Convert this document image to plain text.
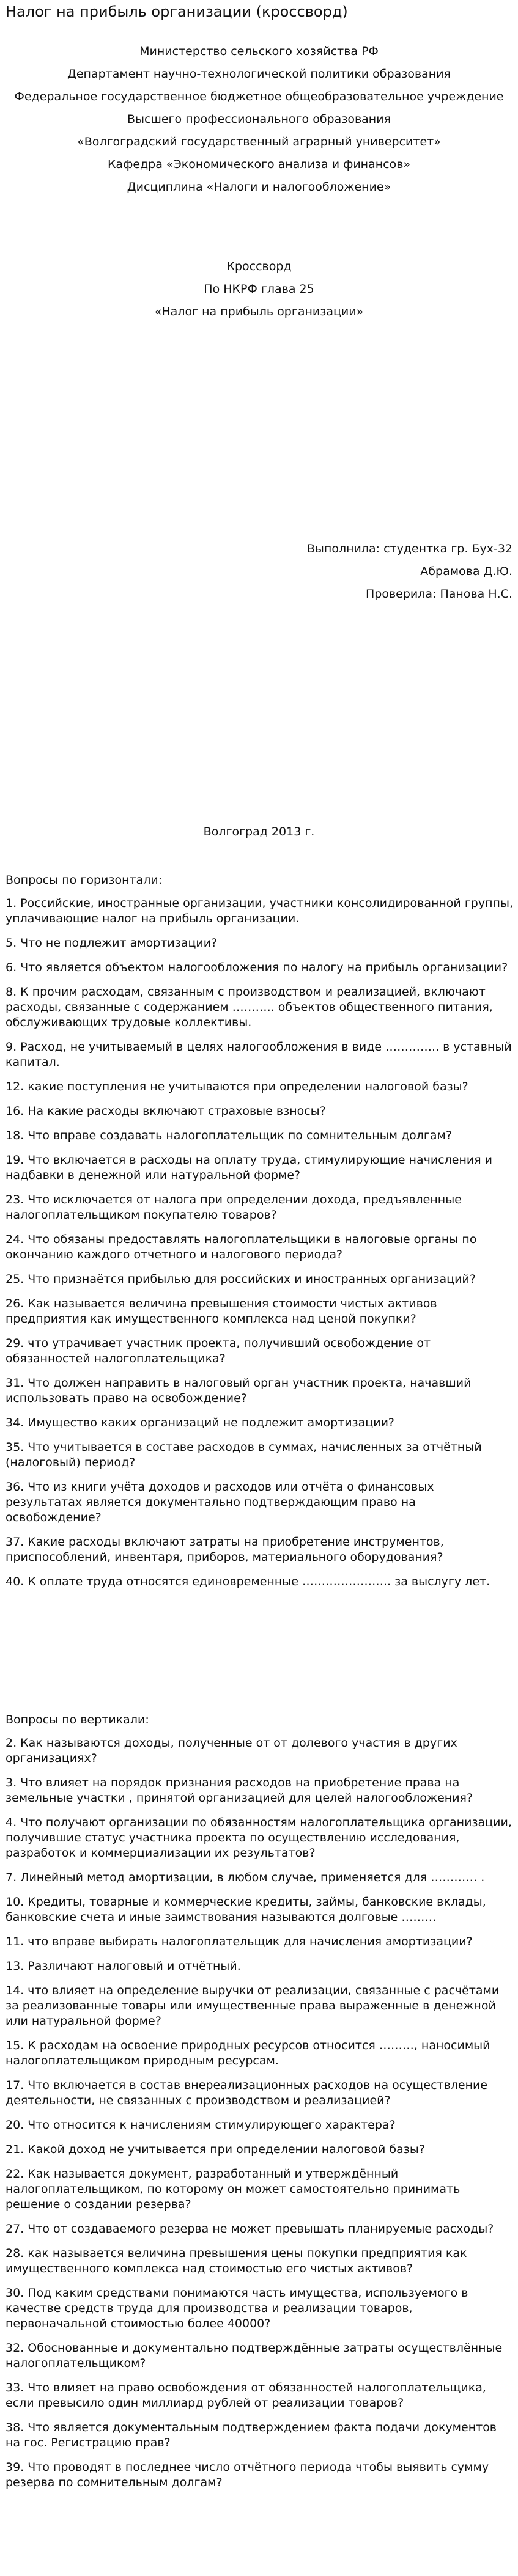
Налог на прибыль организации (кроссворд)
Министерство сельского хозяйства РФ
Департамент научно-технологической политики образования
Федеральное государственное бюджетное общеобразовательное учреждение
Высшего профессионального образования
«Волгоградский государственный аграрный университет»
Кафедра «Экономического анализа и финансов»
Дисциплина «Налоги и налогообложение»
Кроссворд
По НКРФ глава 25
«Налог на прибыль организации»
Выполнила: студентка гр. Бух-32
Абрамова Д.Ю.
Проверила: Панова Н.С.
Волгоград 2013 г.
Вопросы по горизонтали:
1. Российские, иностранные организации, участники консолидированной группы, уплачивающие налог на прибыль организации.
5. Что не подлежит амортизации?
6. Что является объектом налогообложения по налогу на прибыль организации?
8. К прочим расходам, связанным с производством и реализацией, включают расходы, связанные с содержанием ……….. объектов общественного питания, обслуживающих трудовые коллективы.
9. Расход, не учитываемый в целях налогообложения в виде ………….. в уставный капитал.
12. какие поступления не учитываются при определении налоговой базы?
16. На какие расходы включают страховые взносы?
18. Что вправе создавать налогоплательщик по сомнительным долгам?
19. Что включается в расходы на оплату труда, стимулирующие начисления и надбавки в денежной или натуральной форме?
23. Что исключается от налога при определении дохода, предъявленные налогоплательщиком покупателю товаров?
24. Что обязаны предоставлять налогоплательщики в налоговые органы по окончанию каждого отчетного и налогового периода?
25. Что признаётся прибылью для российских и иностранных организаций?
26. Как называется величина превышения стоимости чистых активов предприятия как имущественного комплекса над ценой покупки?
29. что утрачивает участник проекта, получивший освобождение от обязанностей налогоплательщика?
31. Что должен направить в налоговый орган участник проекта, начавший использовать право на освобождение?
34. Имущество каких организаций не подлежит амортизации?
35. Что учитывается в составе расходов в суммах, начисленных за отчётный (налоговый) период?
36. Что из книги учёта доходов и расходов или отчёта о финансовых результатах является документально подтверждающим право на освобождение?
37. Какие расходы включают затраты на приобретение инструментов, приспособлений, инвентаря, приборов, материального оборудования?
40. К оплате труда относятся единовременные ………………….. за выслугу лет.
Вопросы по вертикали:
2. Как называются доходы, полученные от от долевого участия в других организациях?
3. Что влияет на порядок признания расходов на приобретение права на земельные участки , принятой организацией для целей налогообложения?
4. Что получают организации по обязанностям налогоплательщика организации, получившие статус участника проекта по осуществлению исследования, разработок и коммерциализации их результатов?
7. Линейный метод амортизации, в любом случае, применяется для ………… .
10. Кредиты, товарные и коммерческие кредиты, займы, банковские вклады, банковские счета и иные заимствования называются долговые ………
11. что вправе выбирать налогоплательщик для начисления амортизации?
13. Различают налоговый и отчётный.
14. что влияет на определение выручки от реализации, связанные с расчётами за реализованные товары или имущественные права выраженные в денежной или натуральной форме?
15. К расходам на освоение природных ресурсов относится ………, наносимый налогоплательщиком природным ресурсам.
17. Что включается в состав внереализационных расходов на осуществление деятельности, не связанных с производством и реализацией?
20. Что относится к начислениям стимулирующего характера?
21. Какой доход не учитывается при определении налоговой базы?
22. Как называется документ, разработанный и утверждённый налогоплательщиком, по которому он может самостоятельно принимать решение о создании резерва?
27. Что от создаваемого резерва не может превышать планируемые расходы?
28. как называется величина превышения цены покупки предприятия как имущественного комплекса над стоимостью его чистых активов?
30. Под каким средствами понимаются часть имущества, используемого в качестве средств труда для производства и реализации товаров, первоначальной стоимостью более 40000?
32. Обоснованные и документально подтверждённые затраты осуществлённые налогоплательщиком?
33. Что влияет на право освобождения от обязанностей налогоплательщика, если превысило один миллиард рублей от реализации товаров?
38. Что является документальным подтверждением факта подачи документов на гос. Регистрацию прав?
39. Что проводят в последнее число отчётного периода чтобы выявить сумму резерва по сомнительным долгам?
